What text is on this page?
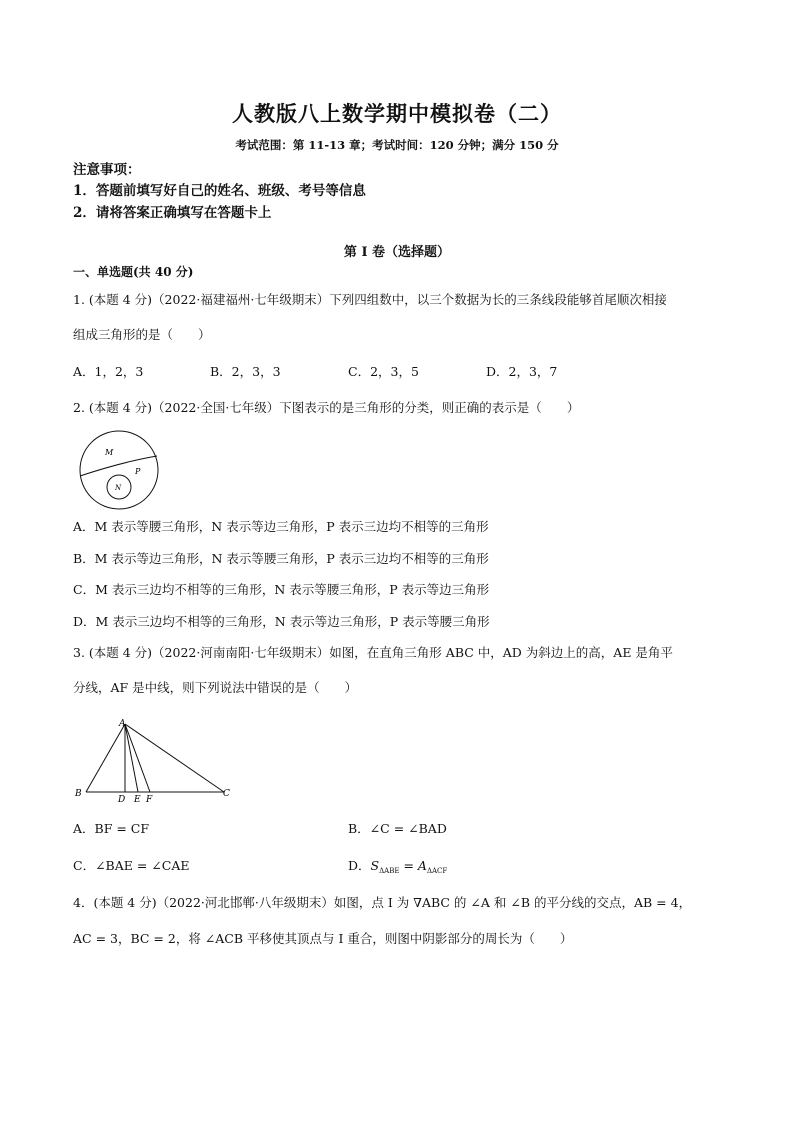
人教版八上数学期中模拟卷（二）
考试范围：第 11-13 章；考试时间：120 分钟；满分 150 分
注意事项：
1．答题前填写好自己的姓名、班级、考号等信息
2．请将答案正确填写在答题卡上
第 I 卷（选择题）
一、单选题(共 40 分)
1. (本题 4 分)（2022·福建福州·七年级期末）下列四组数中，以三个数据为长的三条线段能够首尾顺次相接
组成三角形的是（　　）
A．1，2，3	B．2，3，3	C．2，3，5	D．2，3，7
2. (本题 4 分)（2022·全国·七年级）下图表示的是三角形的分类，则正确的表示是（　　）
M
P
N
A．M 表示等腰三角形，N 表示等边三角形，P 表示三边均不相等的三角形
B．M 表示等边三角形，N 表示等腰三角形，P 表示三边均不相等的三角形
C．M 表示三边均不相等的三角形，N 表示等腰三角形，P 表示等边三角形
D．M 表示三边均不相等的三角形，N 表示等边三角形，P 表示等腰三角形
3. (本题 4 分)（2022·河南南阳·七年级期末）如图，在直角三角形 ABC 中，AD 为斜边上的高，AE 是角平
分线，AF 是中线，则下列说法中错误的是（　　）
A
B
D E F
C
A．BF = CF	B．∠C = ∠BAD
C．∠BAE = ∠CAE	D．$S_{\Delta ABE} = A_{\Delta ACF}$
4．(本题 4 分)（2022·河北邯郸·八年级期末）如图，点 I 为 ∇ABC 的 ∠A 和 ∠B 的平分线的交点，AB = 4，
AC = 3，BC = 2，将 ∠ACB 平移使其顶点与 I 重合，则图中阴影部分的周长为（　　）
